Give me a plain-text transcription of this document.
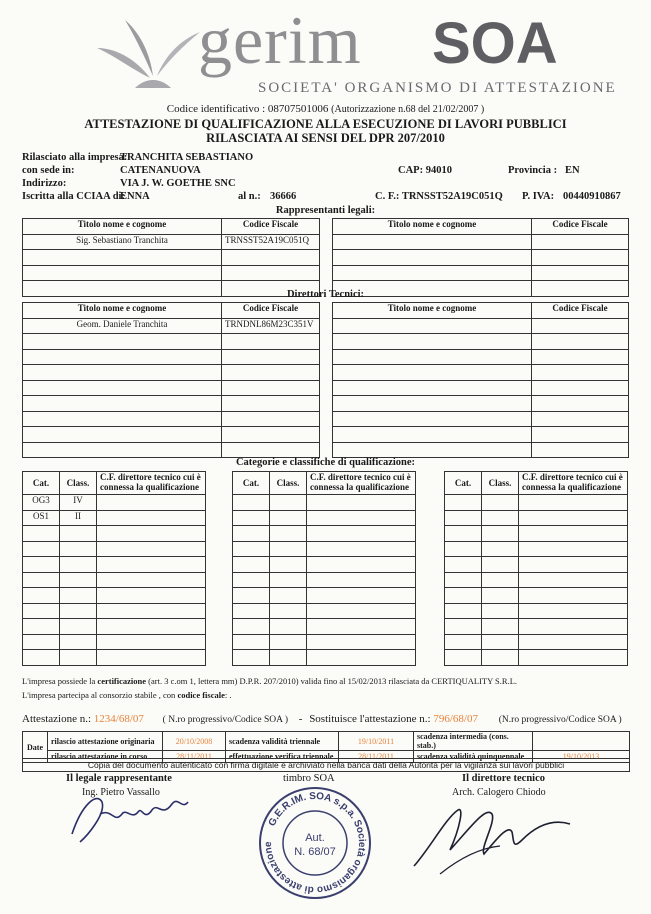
gerim SOA
SOCIETA' ORGANISMO DI ATTESTAZIONE
Codice identificativo : 08707501006 (Autorizzazione n.68 del 21/02/2007 )
ATTESTAZIONE DI QUALIFICAZIONE ALLA ESECUZIONE DI LAVORI PUBBLICI
RILASCIATA AI SENSI DEL DPR 207/2010
Rilasciato alla impresa:
TRANCHITA SEBASTIANO
con sede in:	CATENANUOVA	CAP: 94010	Provincia : EN
Indirizzo:	VIA J. W. GOETHE SNC
Iscritta alla CCIAA di:
ENNA	al n.: 36666	C. F.: TRNSST52A19C051Q P. IVA: 00440910867
Rappresentanti legali:
Titolo nome e cognome	Codice Fiscale
Sig. Sebastiano Tranchita	TRNSST52A19C051Q

Titolo nome e cognome	Codice Fiscale

Direttori Tecnici:
Titolo nome e cognome	Codice Fiscale
Geom. Daniele Tranchita	TRNDNL86M23C351V

Titolo nome e cognome	Codice Fiscale

Categorie e classifiche di qualificazione:
Cat.	Class.	C.F. direttore tecnico cui è connessa la qualificazione
OG3	IV	
OS1	II	

Cat.	Class.	C.F. direttore tecnico cui è connessa la qualificazione

			Cat.	Class.	C.F. direttore tecnico cui è connessa la qualificazione

L'impresa possiede la certificazione (art. 3 c.om 1, lettera mm) D.P.R. 207/2010) valida fino al 15/02/2013 rilasciata da CERTIQUALITY S.R.L.
L'impresa partecipa al consorzio stabile , con codice fiscale: .
Attestazione n.: 1234/68/07 ( N.ro progressivo/Codice SOA ) - Sostituisce l'attestazione n.: 796/68/07 (N.ro progressivo/Codice SOA )
Date	rilascio attestazione originaria	20/10/2008	scadenza validità triennale	19/10/2011	scadenza intermedia (cons. stab.)	
	rilascio attestazione in corso	28/11/2011	effettuazione verifica triennale	28/11/2011	scadenza validità quinquennale	19/10/2013
Copia del documento autenticato con firma digitale e archiviato nella banca dati della Autorità per la vigilanza sui lavori pubblici
Il legale rappresentante
Ing. Pietro Vassallo
timbro SOA	Il direttore tecnico
Arch. Calogero Chiodo
G.E.R.IM. SOA s.p.a. Società organismo di attestazione
Aut.
N. 68/07
